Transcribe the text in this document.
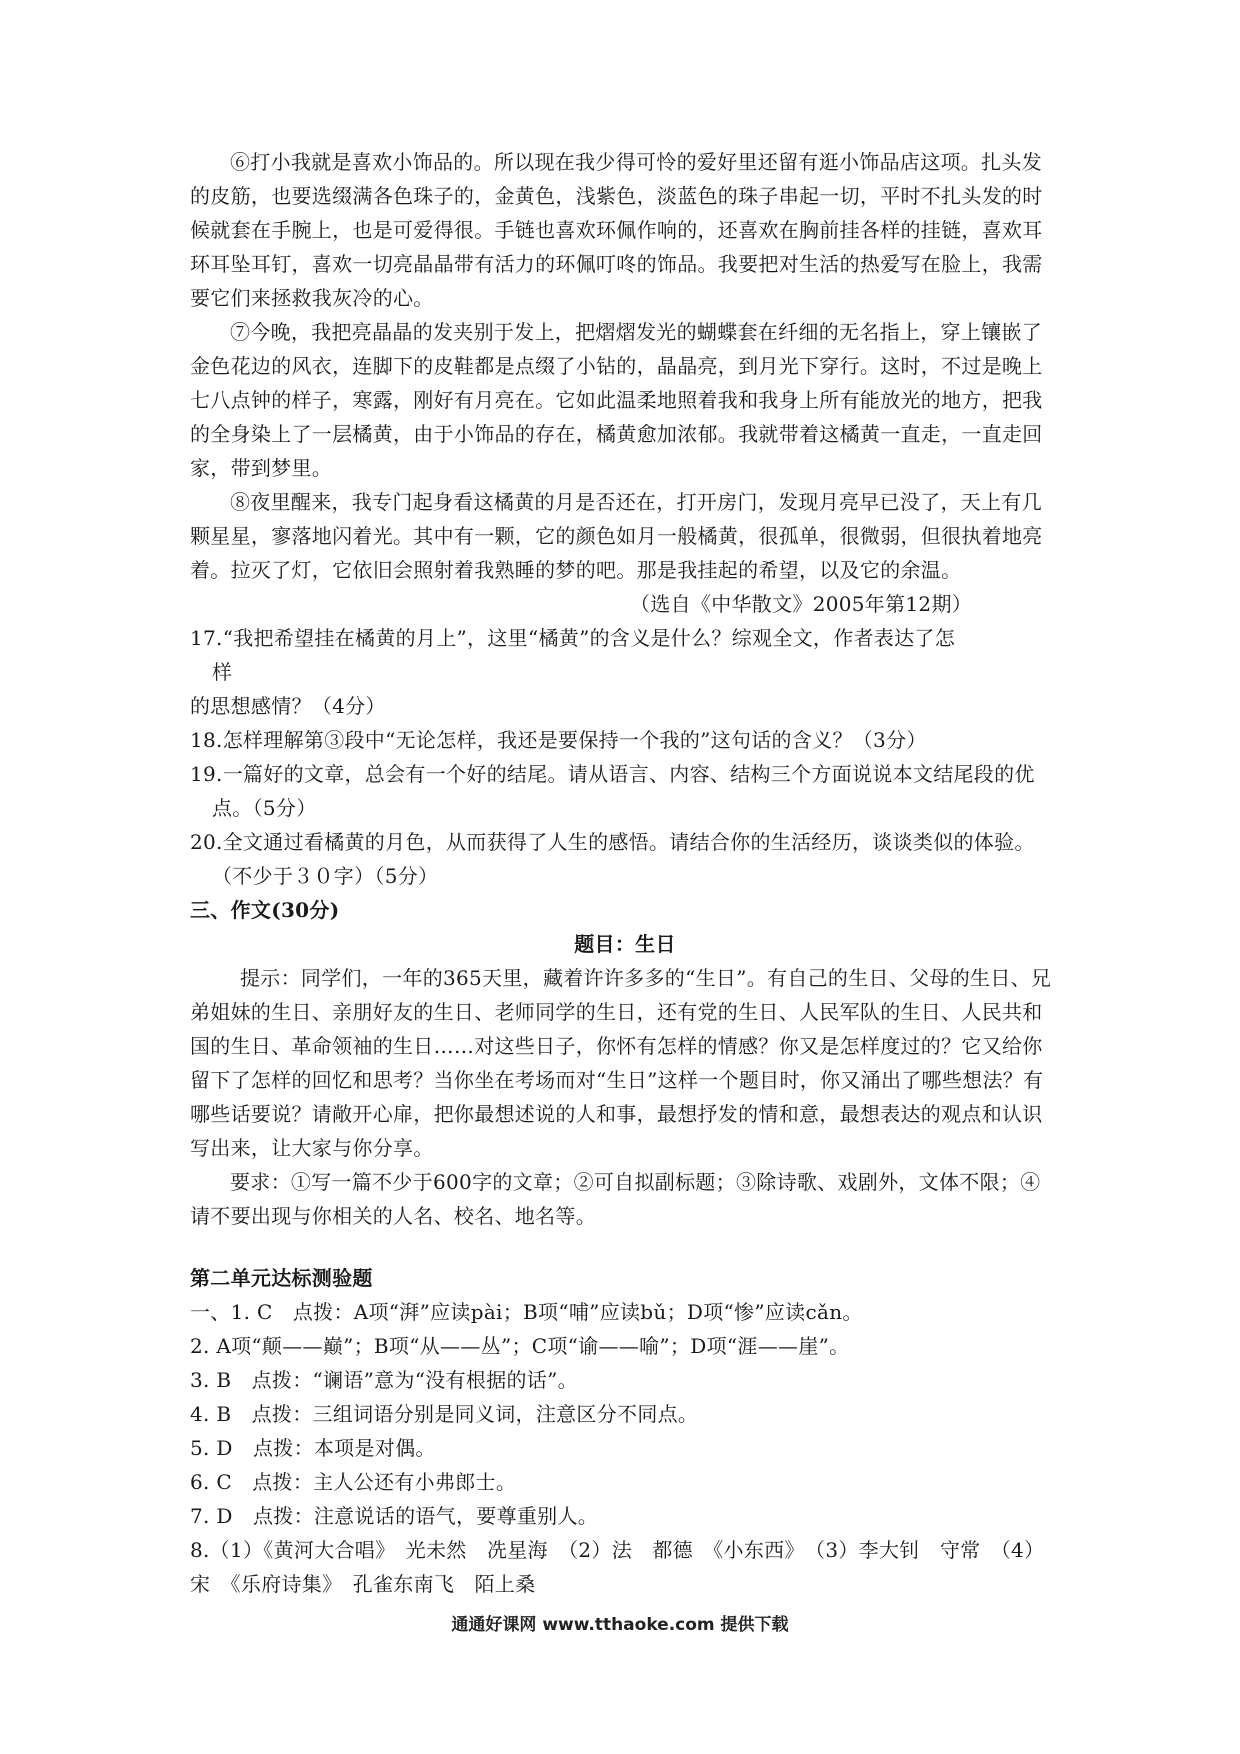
⑥打小我就是喜欢小饰品的。所以现在我少得可怜的爱好里还留有逛小饰品店这项。扎头发的皮筋，也要选缀满各色珠子的，金黄色，浅紫色，淡蓝色的珠子串起一切，平时不扎头发的时候就套在手腕上，也是可爱得很。手链也喜欢环佩作响的，还喜欢在胸前挂各样的挂链，喜欢耳环耳坠耳钉，喜欢一切亮晶晶带有活力的环佩叮咚的饰品。我要把对生活的热爱写在脸上，我需要它们来拯救我灰冷的心。

⑦今晚，我把亮晶晶的发夹别于发上，把熠熠发光的蝴蝶套在纤细的无名指上，穿上镶嵌了金色花边的风衣，连脚下的皮鞋都是点缀了小钻的，晶晶亮，到月光下穿行。这时，不过是晚上七八点钟的样子，寒露，刚好有月亮在。它如此温柔地照着我和我身上所有能放光的地方，把我的全身染上了一层橘黄，由于小饰品的存在，橘黄愈加浓郁。我就带着这橘黄一直走，一直走回家，带到梦里。

⑧夜里醒来，我专门起身看这橘黄的月是否还在，打开房门，发现月亮早已没了，天上有几颗星星，寥落地闪着光。其中有一颗，它的颜色如月一般橘黄，很孤单，很微弱，但很执着地亮着。拉灭了灯，它依旧会照射着我熟睡的梦的吧。那是我挂起的希望，以及它的余温。

（选自《中华散文》2005年第12期）

17.“我把希望挂在橘黄的月上”，这里“橘黄”的含义是什么？综观全文，作者表达了怎

样

的思想感情？（4分）

18.怎样理解第③段中“无论怎样，我还是要保持一个我的”这句话的含义？（3分）

19.一篇好的文章，总会有一个好的结尾。请从语言、内容、结构三个方面说说本文结尾段的优点。（5分）

20.全文通过看橘黄的月色，从而获得了人生的感悟。请结合你的生活经历，谈谈类似的体验。（不少于３０字）（5分）

三、作文(30分)

题目：生日

提示：同学们，一年的365天里，藏着许许多多的“生日”。有自己的生日、父母的生日、兄弟姐妹的生日、亲朋好友的生日、老师同学的生日，还有党的生日、人民军队的生日、人民共和国的生日、革命领袖的生日……对这些日子，你怀有怎样的情感？你又是怎样度过的？它又给你留下了怎样的回忆和思考？当你坐在考场而对“生日”这样一个题目时，你又涌出了哪些想法？有哪些话要说？请敞开心扉，把你最想述说的人和事，最想抒发的情和意，最想表达的观点和认识写出来，让大家与你分享。

要求：①写一篇不少于600字的文章；②可自拟副标题；③除诗歌、戏剧外，文体不限；④请不要出现与你相关的人名、校名、地名等。

第二单元达标测验题

一、1. C　点拨：A项“湃”应读pài；B项“哺”应读bǔ；D项“惨”应读cǎn。

2. A项“颠——巅”；B项“从——丛”；C项“谕——喻”；D项“涯——崖”。

3. B　点拨：“谰语”意为“没有根据的话”。

4. B　点拨：三组词语分别是同义词，注意区分不同点。

5. D　点拨：本项是对偶。

6. C　点拨：主人公还有小弗郎士。

7. D　点拨：注意说话的语气，要尊重别人。

8.（1）《黄河大合唱》　光未然　冼星海　（2）法　都德　《小东西》　（3）李大钊　守常　（4）宋　《乐府诗集》　孔雀东南飞　陌上桑

通通好课网 www.tthaoke.com 提供下载
